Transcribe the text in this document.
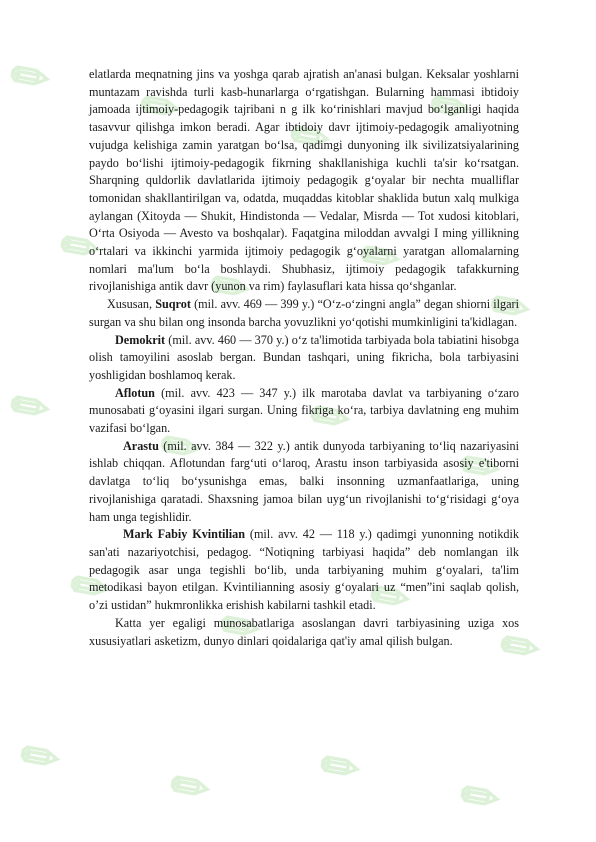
✎ ✎ ✎ ✎
✎
✎ ✎
✎
✎
✎ ✎
✎
✎
✎ ✎
✎
✎ ✎ ✎ ✎

elatlarda meqnatning jins va yoshga qarab ajratish an'anasi bulgan. Keksalar yoshlarni muntazam ravishda turli kasb-hunarlarga o‘rgatishgan. Bularning hammasi ibtidoiy jamoada ijtimoiy-pedagogik tajribani n g ilk ko‘rinishlari mavjud bo‘lganligi haqida tasavvur qilishga imkon beradi. Agar ibtidoiy davr ijtimoiy-pedagogik amaliyotning vujudga kelishiga zamin yaratgan bo‘lsa, qadimgi dunyoning ilk sivilizatsiyalarining paydo bo‘lishi ijtimoiy-pedagogik fikrning shakllanishiga kuchli ta'sir ko‘rsatgan. Sharqning quldorlik davlatlarida ijtimoiy pedagogik g‘oyalar bir nechta mualliflar tomonidan shakllantirilgan va, odatda, muqaddas kitoblar shaklida butun xalq mulkiga aylangan (Xitoyda — Shukit, Hindistonda — Vedalar, Misrda — Tot xudosi kitoblari, O‘rta Osiyoda — Avesto va boshqalar). Faqatgina miloddan avvalgi I ming yillikning o‘rtalari va ikkinchi yarmida ijtimoiy pedagogik g‘oyalarni yaratgan allomalarning nomlari ma'lum bo‘la boshlaydi. Shubhasiz, ijtimoiy pedagogik tafakkurning rivojlanishiga antik davr (yunon va rim) faylasuflari kata hissa qo‘shganlar.

Xususan, Suqrot (mil. avv. 469 — 399 y.) “O‘z-o‘zingni angla” degan shiorni ilgari surgan va shu bilan ong insonda barcha yovuzlikni yo‘qotishi mumkinligini ta'kidlagan.

Demokrit (mil. avv. 460 — 370 y.) o‘z ta'limotida tarbiyada bola tabiatini hisobga olish tamoyilini asoslab bergan. Bundan tashqari, uning fikricha, bola tarbiyasini yoshligidan boshlamoq kerak.

Aflotun (mil. avv. 423 — 347 y.) ilk marotaba davlat va tarbiyaning o‘zaro munosabati g‘oyasini ilgari surgan. Uning fikriga ko‘ra, tarbiya davlatning eng muhim vazifasi bo‘lgan.

Arastu (mil. avv. 384 — 322 y.) antik dunyoda tarbiyaning to‘liq nazariyasini ishlab chiqqan. Aflotundan farg‘uti o‘laroq, Arastu inson tarbiyasida asosiy e'tiborni davlatga to‘liq bo‘ysunishga emas, balki insonning uzmanfaatlariga, uning rivojlanishiga qaratadi. Shaxsning jamoa bilan uyg‘un rivojlanishi to‘g‘risidagi g‘oya ham unga tegishlidir.

Mark Fabiy Kvintilian (mil. avv. 42 — 118 y.) qadimgi yunonning notikdik san'ati nazariyotchisi, pedagog. “Notiqning tarbiyasi haqida” deb nomlangan ilk pedagogik asar unga tegishli bo‘lib, unda tarbiyaning muhim g‘oyalari, ta'lim metodikasi bayon etilgan. Kvintilianning asosiy g‘oyalari uz “men”ini saqlab qolish, o’zi ustidan” hukmronlikka erishish kabilarni tashkil etadi.

Katta yer egaligi munosabatlariga asoslangan davri tarbiyasining uziga xos xususiyatlari asketizm, dunyo dinlari qoidalariga qat'iy amal qilish bulgan.
